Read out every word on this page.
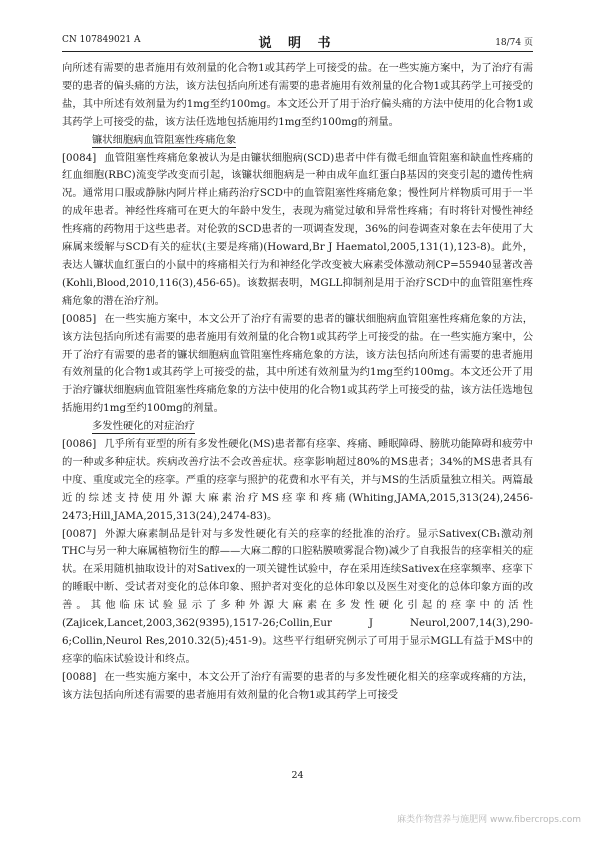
CN 107849021 A	说 明 书	18/74 页

向所述有需要的患者施用有效剂量的化合物1或其药学上可接受的盐。在一些实施方案中，为了治疗有需要的患者的偏头痛的方法，该方法包括向所述有需要的患者施用有效剂量的化合物1或其药学上可接受的盐，其中所述有效剂量为约1mg至约100mg。本文还公开了用于治疗偏头痛的方法中使用的化合物1或其药学上可接受的盐，该方法任选地包括施用约1mg至约100mg的剂量。

镰状细胞病血管阻塞性疼痛危象

[0084] 血管阻塞性疼痛危象被认为是由镰状细胞病(SCD)患者中伴有微毛细血管阻塞和缺血性疼痛的红血细胞(RBC)流变学改变而引起，该镰状细胞病是一种由成年血红蛋白β基因的突变引起的遗传性病况。通常用口服或静脉内阿片样止痛药治疗SCD中的血管阻塞性疼痛危象；慢性阿片样物质可用于一半的成年患者。神经性疼痛可在更大的年龄中发生，表现为痛觉过敏和异常性疼痛；有时将针对慢性神经性疼痛的药物用于这些患者。对伦敦的SCD患者的一项调查发现，36%的问卷调查对象在去年使用了大麻属来缓解与SCD有关的症状(主要是疼痛)(Howard,Br J Haematol,2005,131(1),123-8)。此外，表达人镰状血红蛋白的小鼠中的疼痛相关行为和神经化学改变被大麻素受体激动剂CP=55940显著改善(Kohli,Blood,2010,116(3),456-65)。该数据表明，MGLL抑制剂是用于治疗SCD中的血管阻塞性疼痛危象的潜在治疗剂。

[0085] 在一些实施方案中，本文公开了治疗有需要的患者的镰状细胞病血管阻塞性疼痛危象的方法，该方法包括向所述有需要的患者施用有效剂量的化合物1或其药学上可接受的盐。在一些实施方案中，公开了治疗有需要的患者的镰状细胞病血管阻塞性疼痛危象的方法，该方法包括向所述有需要的患者施用有效剂量的化合物1或其药学上可接受的盐，其中所述有效剂量为约1mg至约100mg。本文还公开了用于治疗镰状细胞病血管阻塞性疼痛危象的方法中使用的化合物1或其药学上可接受的盐，该方法任选地包括施用约1mg至约100mg的剂量。

多发性硬化的对症治疗

[0086] 几乎所有亚型的所有多发性硬化(MS)患者都有痉挛、疼痛、睡眠障碍、膀胱功能障碍和疲劳中的一种或多种症状。疾病改善疗法不会改善症状。痉挛影响超过80%的MS患者；34%的MS患者具有中度、重度或完全的痉挛。严重的痉挛与照护的花费和水平有关，并与MS的生活质量独立相关。两篇最近的综述支持使用外源大麻素治疗MS痉挛和疼痛(Whiting,JAMA,2015,313(24),2456-2473;Hill,JAMA,2015,313(24),2474-83)。

[0087] 外源大麻素制品是针对与多发性硬化有关的痉挛的经批准的治疗。显示Sativex(CB₁激动剂THC与另一种大麻属植物衍生的醇——大麻二醇的口腔粘膜喷雾混合物)减少了自我报告的痉挛相关的症状。在采用随机抽取设计的对Sativex的一项关键性试验中，存在采用连续Sativex在痉挛频率、痉挛下的睡眠中断、受试者对变化的总体印象、照护者对变化的总体印象以及医生对变化的总体印象方面的改善。其他临床试验显示了多种外源大麻素在多发性硬化引起的痉挛中的活性(Zajicek,Lancet,2003,362(9395),1517-26;Collin,Eur J Neurol,2007,14(3),290-6;Collin,Neurol Res,2010.32(5);451-9)。这些平行组研究例示了可用于显示MGLL有益于MS中的痉挛的临床试验设计和终点。

[0088] 在一些实施方案中，本文公开了治疗有需要的患者的与多发性硬化相关的痉挛或疼痛的方法，该方法包括向所述有需要的患者施用有效剂量的化合物1或其药学上可接受

24
麻类作物营养与施肥网 www.fibercrops.com
